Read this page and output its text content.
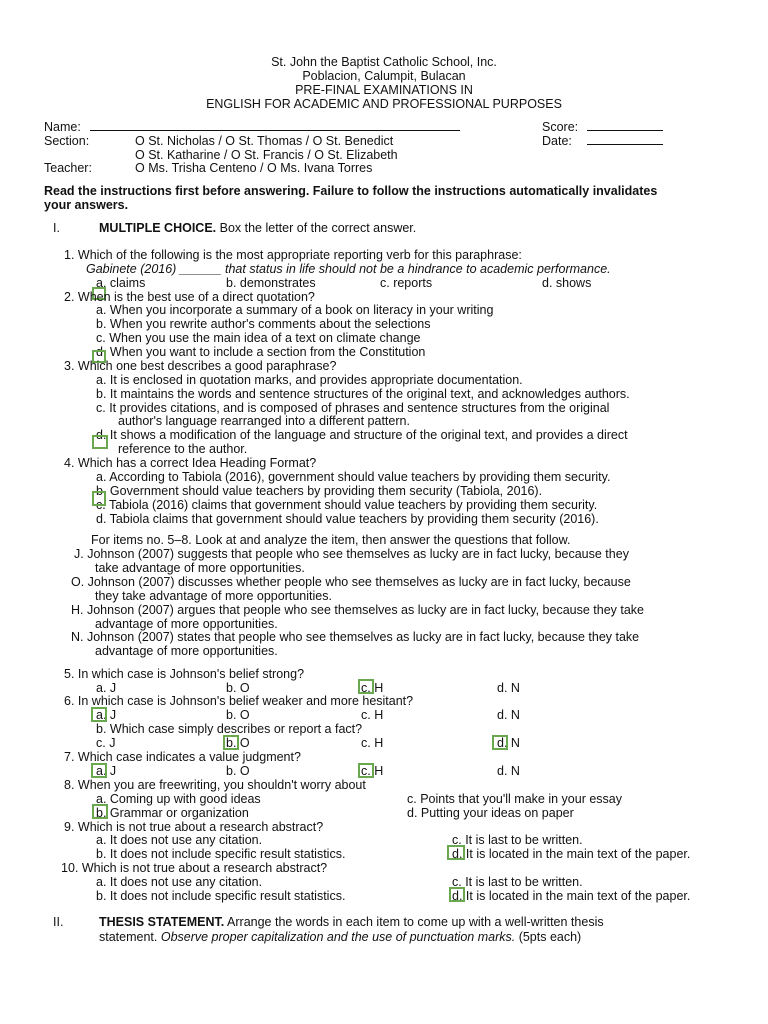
St. John the Baptist Catholic School, Inc.
Poblacion, Calumpit, Bulacan
PRE-FINAL EXAMINATIONS IN
ENGLISH FOR ACADEMIC AND PROFESSIONAL PURPOSES
Name:
Section:	O St. Nicholas / O St. Thomas / O St. Benedict
O St. Katharine / O St. Francis / O St. Elizabeth
Teacher:	O Ms. Trisha Centeno / O Ms. Ivana Torres
Score:
Date:
Read the instructions first before answering. Failure to follow the instructions automatically invalidates
your answers.
I.	MULTIPLE CHOICE. Box the letter of the correct answer.
1. Which of the following is the most appropriate reporting verb for this paraphrase:
Gabinete (2016) ______ that status in life should not be a hindrance to academic performance.
a. claims	b. demonstrates	c. reports	d. shows
2. When is the best use of a direct quotation?
a. When you incorporate a summary of a book on literacy in your writing
b. When you rewrite author's comments about the selections
c. When you use the main idea of a text on climate change
d. When you want to include a section from the Constitution
3. Which one best describes a good paraphrase?
a. It is enclosed in quotation marks, and provides appropriate documentation.
b. It maintains the words and sentence structures of the original text, and acknowledges authors.
c. It provides citations, and is composed of phrases and sentence structures from the original
author's language rearranged into a different pattern.
d. It shows a modification of the language and structure of the original text, and provides a direct
reference to the author.
4. Which has a correct Idea Heading Format?
a. According to Tabiola (2016), government should value teachers by providing them security.
b. Government should value teachers by providing them security (Tabiola, 2016).
c. Tabiola (2016) claims that government should value teachers by providing them security.
d. Tabiola claims that government should value teachers by providing them security (2016).
For items no. 5–8. Look at and analyze the item, then answer the questions that follow.
J. Johnson (2007) suggests that people who see themselves as lucky are in fact lucky, because they
take advantage of more opportunities.
O. Johnson (2007) discusses whether people who see themselves as lucky are in fact lucky, because
they take advantage of more opportunities.
H. Johnson (2007) argues that people who see themselves as lucky are in fact lucky, because they take
advantage of more opportunities.
N. Johnson (2007) states that people who see themselves as lucky are in fact lucky, because they take
advantage of more opportunities.
5. In which case is Johnson's belief strong?
a. J	b. O	c. H	d. N
6. In which case is Johnson's belief weaker and more hesitant?
a. J	b. O	c. H	d. N
b. Which case simply describes or report a fact?
c. J	b. O	c. H	d. N
7. Which case indicates a value judgment?
a. J	b. O	c. H	d. N
8. When you are freewriting, you shouldn't worry about
a. Coming up with good ideas	c. Points that you'll make in your essay
b. Grammar or organization	d. Putting your ideas on paper
9. Which is not true about a research abstract?
a. It does not use any citation.	c. It is last to be written.
b. It does not include specific result statistics.	d. It is located in the main text of the paper.
10. Which is not true about a research abstract?
a. It does not use any citation.	c. It is last to be written.
b. It does not include specific result statistics.	d. It is located in the main text of the paper.
II.	THESIS STATEMENT. Arrange the words in each item to come up with a well-written thesis
statement. Observe proper capitalization and the use of punctuation marks. (5pts each)
